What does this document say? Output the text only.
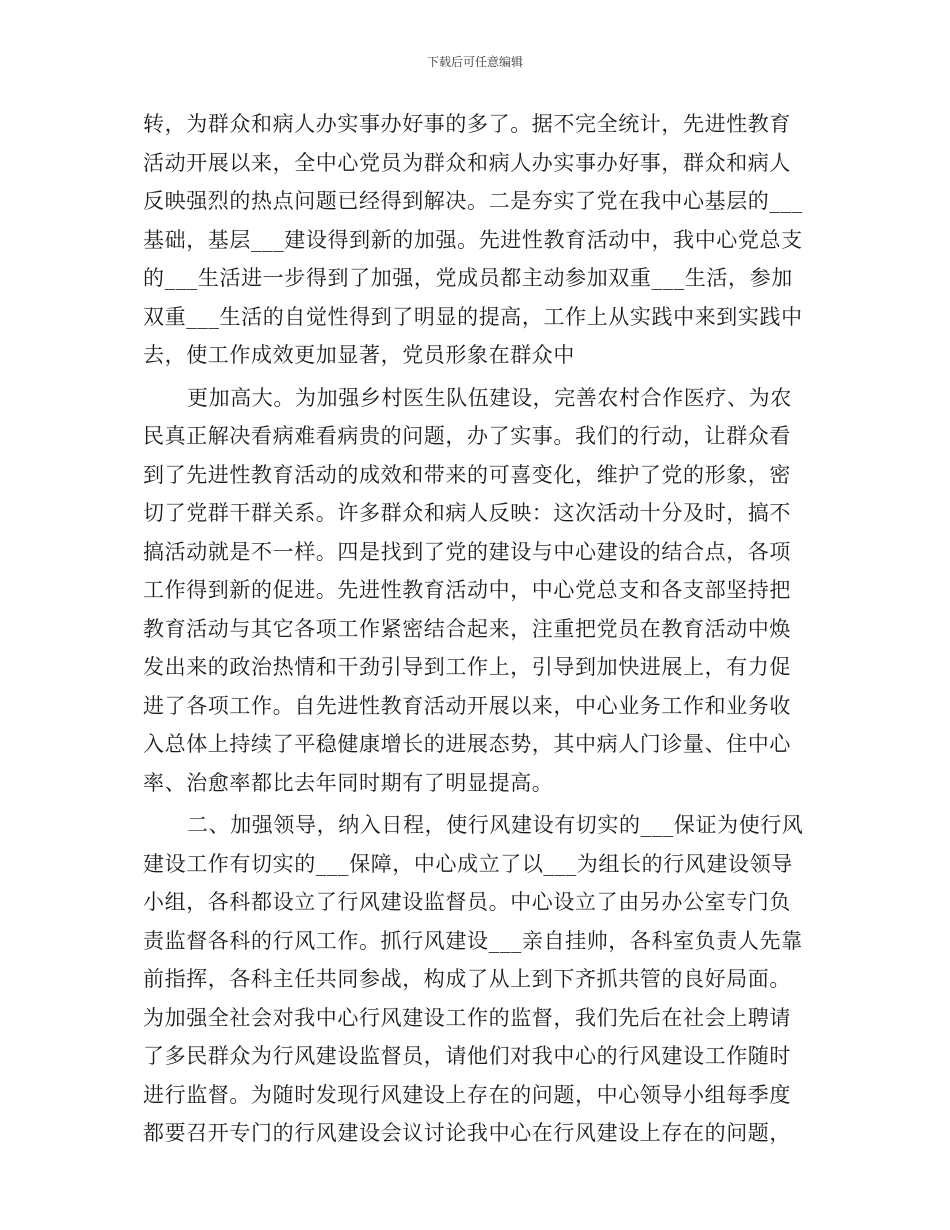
下载后可任意编辑
转，为群众和病人办实事办好事的多了。据不完全统计，先进性教育
活动开展以来，全中心党员为群众和病人办实事办好事，群众和病人
反映强烈的热点问题已经得到解决。二是夯实了党在我中心基层的___
基础，基层___建设得到新的加强。先进性教育活动中，我中心党总支
的___生活进一步得到了加强，党成员都主动参加双重___生活，参加
双重___生活的自觉性得到了明显的提高，工作上从实践中来到实践中
去，使工作成效更加显著，党员形象在群众中
更加高大。为加强乡村医生队伍建设，完善农村合作医疗、为农
民真正解决看病难看病贵的问题，办了实事。我们的行动，让群众看
到了先进性教育活动的成效和带来的可喜变化，维护了党的形象，密
切了党群干群关系。许多群众和病人反映：这次活动十分及时，搞不
搞活动就是不一样。四是找到了党的建设与中心建设的结合点，各项
工作得到新的促进。先进性教育活动中，中心党总支和各支部坚持把
教育活动与其它各项工作紧密结合起来，注重把党员在教育活动中焕
发出来的政治热情和干劲引导到工作上，引导到加快进展上，有力促
进了各项工作。自先进性教育活动开展以来，中心业务工作和业务收
入总体上持续了平稳健康增长的进展态势，其中病人门诊量、住中心
率、治愈率都比去年同时期有了明显提高。
二、加强领导，纳入日程，使行风建设有切实的___保证为使行风
建设工作有切实的___保障，中心成立了以___为组长的行风建设领导
小组，各科都设立了行风建设监督员。中心设立了由另办公室专门负
责监督各科的行风工作。抓行风建设___亲自挂帅，各科室负责人先靠
前指挥，各科主任共同参战，构成了从上到下齐抓共管的良好局面。
为加强全社会对我中心行风建设工作的监督，我们先后在社会上聘请
了多民群众为行风建设监督员，请他们对我中心的行风建设工作随时
进行监督。为随时发现行风建设上存在的问题，中心领导小组每季度
都要召开专门的行风建设会议讨论我中心在行风建设上存在的问题，
